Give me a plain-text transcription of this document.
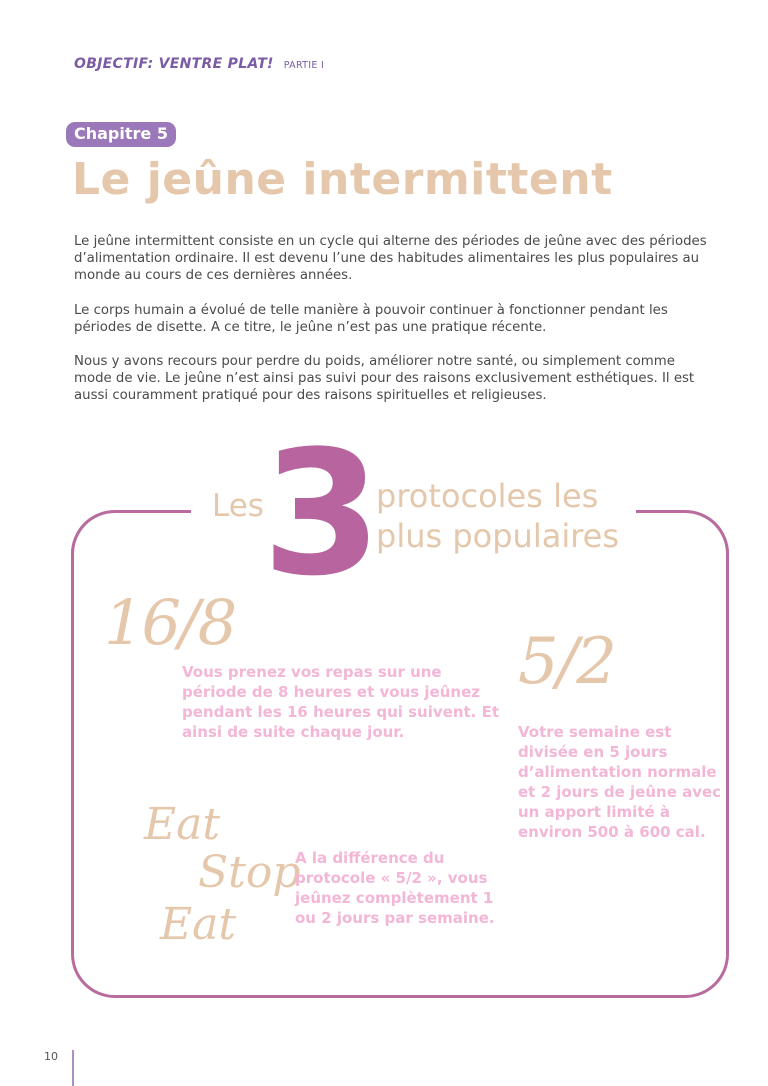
OBJECTIF: VENTRE PLAT! PARTIE I
Chapitre 5
Le jeûne intermittent

Le jeûne intermittent consiste en un cycle qui alterne des périodes de jeûne avec des périodes d’alimentation ordinaire. Il est devenu l’une des habitudes alimentaires les plus populaires au monde au cours de ces dernières années.

Le corps humain a évolué de telle manière à pouvoir continuer à fonctionner pendant les périodes de disette. A ce titre, le jeûne n’est pas une pratique récente.

Nous y avons recours pour perdre du poids, améliorer notre santé, ou simplement comme mode de vie. Le jeûne n’est ainsi pas suivi pour des raisons exclusivement esthétiques. Il est aussi couramment pratiqué pour des raisons spirituelles et religieuses.

Les
3
protocoles les
plus populaires
16/8
Vous prenez vos repas sur une période de 8 heures et vous jeûnez pendant les 16 heures qui suivent. Et ainsi de suite chaque jour.
5/2
Votre semaine est divisée en 5 jours d’alimentation normale et 2 jours de jeûne avec un apport limité à environ 500 à 600 cal.
Eat
Stop
Eat
A la différence du protocole « 5/2 », vous jeûnez complètement 1 ou 2 jours par semaine.
10
